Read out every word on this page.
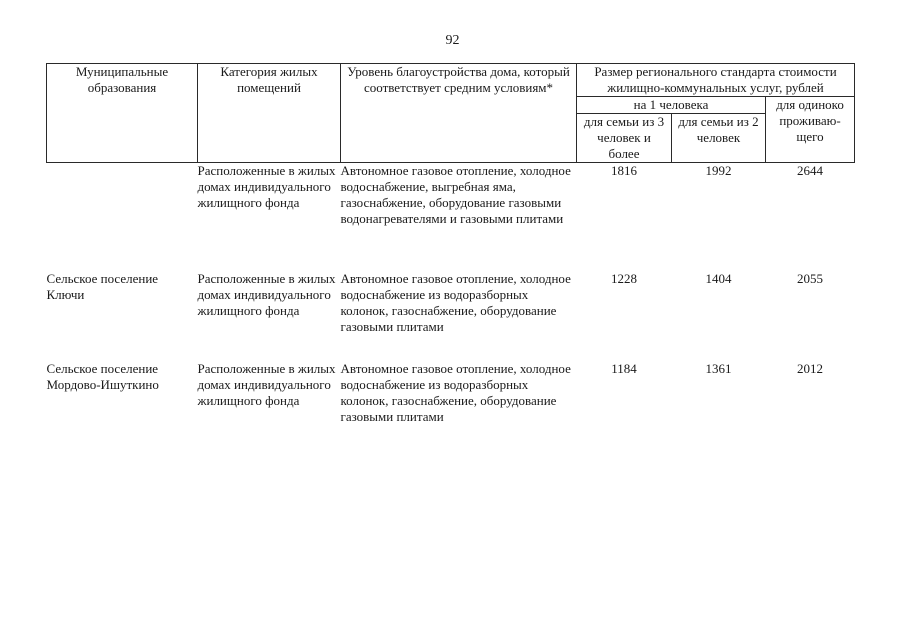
92
Муниципальные образования	Категория жилых помещений	Уровень благоустройства дома, который соответствует средним условиям*	Размер регионального стандарта стоимости жилищно-коммунальных услуг, рублей		
			на 1 человека		для одиноко проживаю-щего
			для семьи из 3 человек и более	для семьи из 2 человек	
	Расположенные в жилых домах индивидуального жилищного фонда	Автономное газовое отопление, холодное водоснабжение, выгребная яма, газоснабжение, оборудование газовыми водонагревателями и газовыми плитами	1816	1992	2644
Сельское поселение Ключи	Расположенные в жилых домах индивидуального жилищного фонда	Автономное газовое отопление, холодное водоснабжение из водоразборных колонок, газоснабжение, оборудование газовыми плитами	1228	1404	2055
Сельское поселение Мордово-Ишуткино	Расположенные в жилых домах индивидуального жилищного фонда	Автономное газовое отопление, холодное водоснабжение из водоразборных колонок, газоснабжение, оборудование газовыми плитами	1184	1361	2012
